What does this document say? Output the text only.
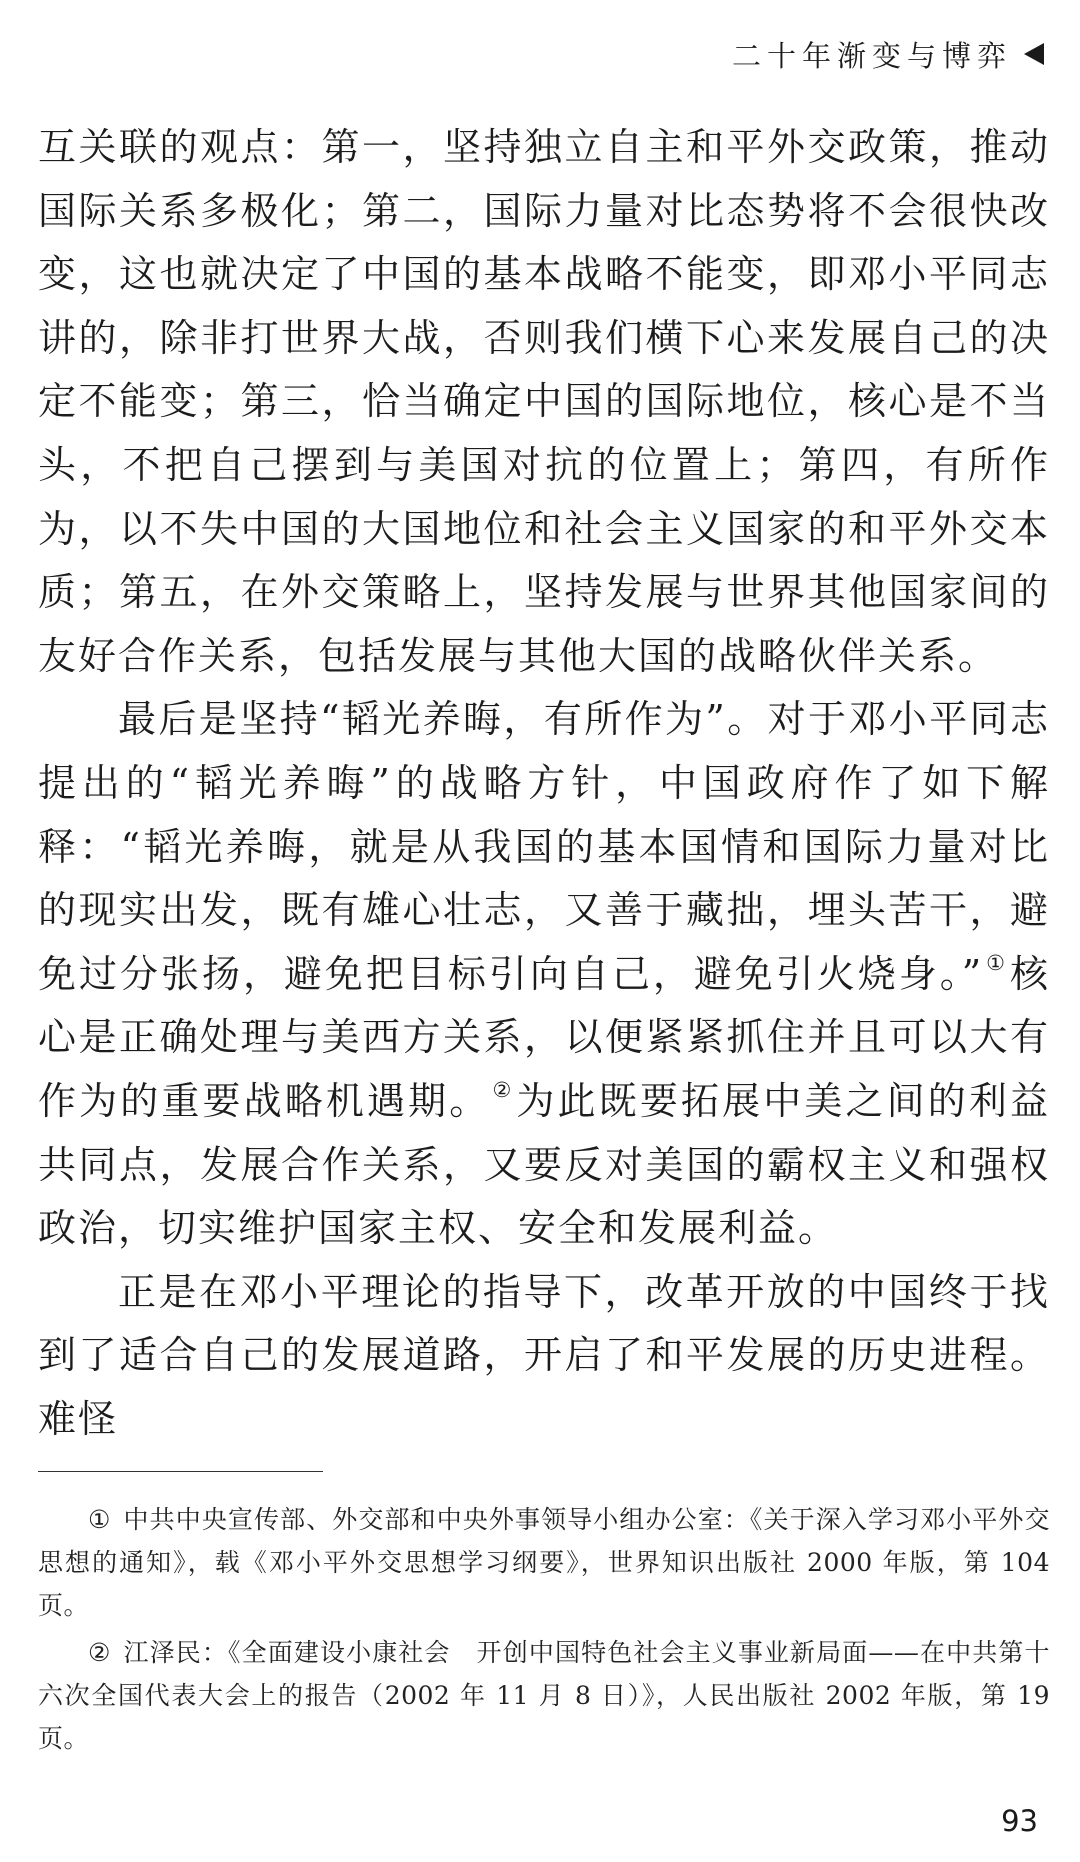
二十年渐变与博弈

互关联的观点：第一，坚持独立自主和平外交政策，推动国际关系多极化；第二，国际力量对比态势将不会很快改变，这也就决定了中国的基本战略不能变，即邓小平同志讲的，除非打世界大战，否则我们横下心来发展自己的决定不能变；第三，恰当确定中国的国际地位，核心是不当头，不把自己摆到与美国对抗的位置上；第四，有所作为，以不失中国的大国地位和社会主义国家的和平外交本质；第五，在外交策略上，坚持发展与世界其他国家间的友好合作关系，包括发展与其他大国的战略伙伴关系。

最后是坚持“韬光养晦，有所作为”。对于邓小平同志提出的“韬光养晦”的战略方针，中国政府作了如下解释：“韬光养晦，就是从我国的基本国情和国际力量对比的现实出发，既有雄心壮志，又善于藏拙，埋头苦干，避免过分张扬，避免把目标引向自己，避免引火烧身。”① 核心是正确处理与美西方关系，以便紧紧抓住并且可以大有作为的重要战略机遇期。② 为此既要拓展中美之间的利益共同点，发展合作关系，又要反对美国的霸权主义和强权政治，切实维护国家主权、安全和发展利益。

正是在邓小平理论的指导下，改革开放的中国终于找到了适合自己的发展道路，开启了和平发展的历史进程。难怪

① 中共中央宣传部、外交部和中央外事领导小组办公室：《关于深入学习邓小平外交思想的通知》，载《邓小平外交思想学习纲要》，世界知识出版社 2000 年版，第 104 页。

② 江泽民：《全面建设小康社会　开创中国特色社会主义事业新局面——在中共第十六次全国代表大会上的报告（2002 年 11 月 8 日）》，人民出版社 2002 年版，第 19 页。

93
